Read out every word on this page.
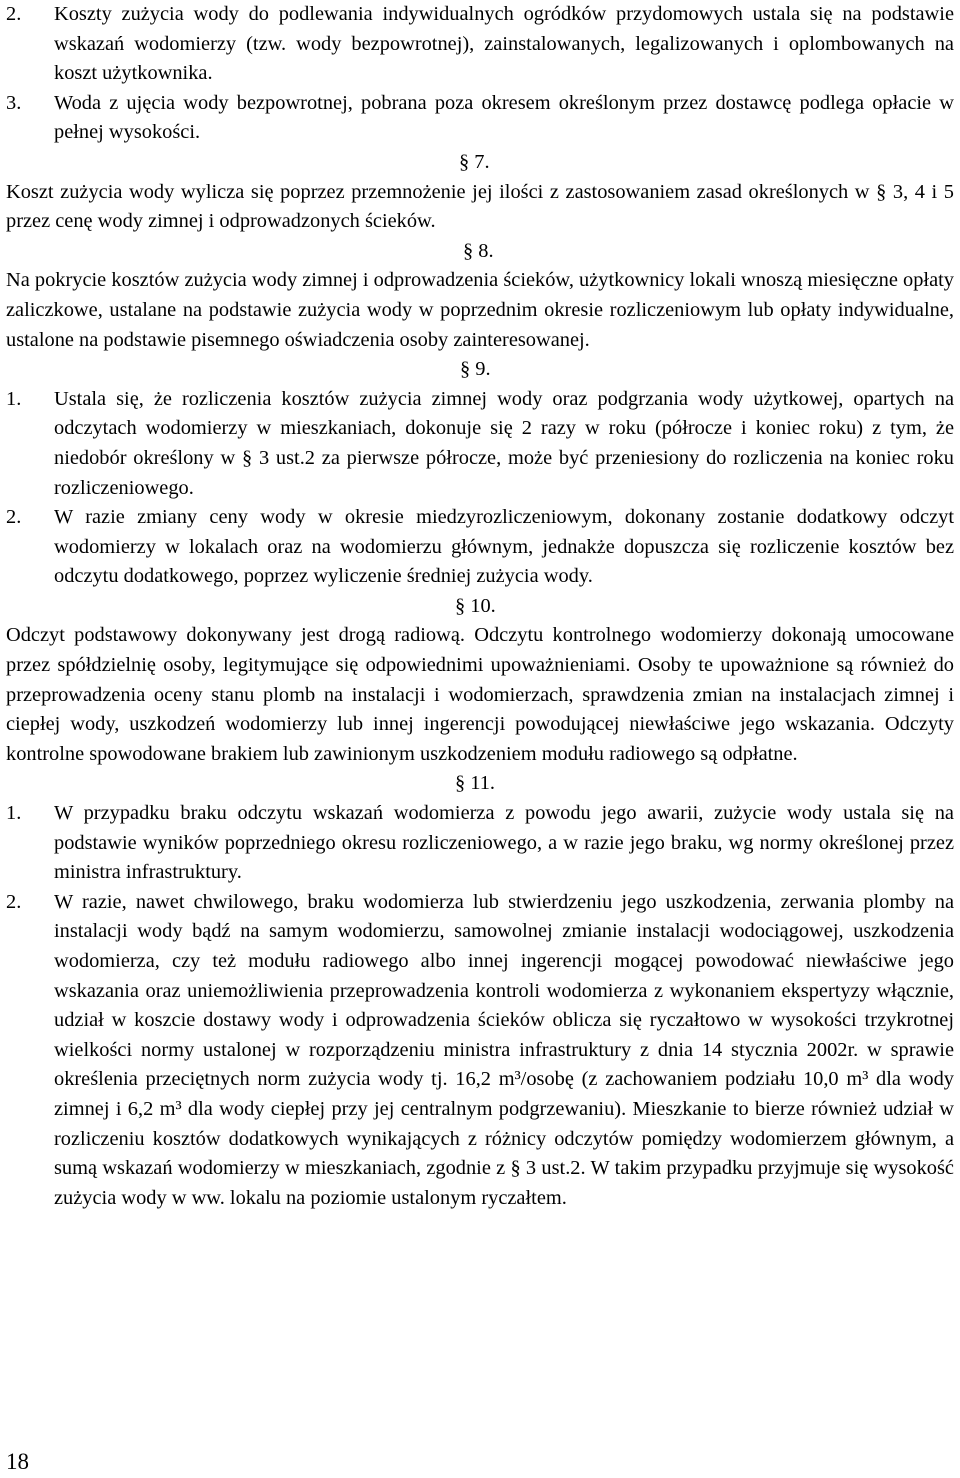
2.	Koszty zużycia wody do podlewania indywidualnych ogródków przydomowych ustala się na podstawie wskazań wodomierzy (tzw. wody bezpowrotnej), zainstalowanych, legalizowanych i oplombowanych na koszt użytkownika.
3.	Woda z ujęcia wody bezpowrotnej, pobrana poza okresem określonym przez dostawcę podlega opłacie w pełnej wysokości.

§ 7.

Koszt zużycia wody wylicza się poprzez przemnożenie jej ilości z zastosowaniem zasad określonych w § 3, 4 i 5 przez cenę wody zimnej i odprowadzonych ścieków.

§ 8.

Na pokrycie kosztów zużycia wody zimnej i odprowadzenia ścieków, użytkownicy lokali wnoszą miesięczne opłaty zaliczkowe, ustalane na podstawie zużycia wody w poprzednim okresie rozliczeniowym lub opłaty indywidualne, ustalone na podstawie pisemnego oświadczenia osoby zainteresowanej.

§ 9.

1.	Ustala się, że rozliczenia kosztów zużycia zimnej wody oraz podgrzania wody użytkowej, opartych na odczytach wodomierzy w mieszkaniach, dokonuje się 2 razy w roku (półrocze i koniec roku) z tym, że niedobór określony w § 3 ust.2 za pierwsze półrocze, może być przeniesiony do rozliczenia na koniec roku rozliczeniowego.
2.	W razie zmiany ceny wody w okresie miedzyrozliczeniowym, dokonany zostanie dodatkowy odczyt wodomierzy w lokalach oraz na wodomierzu głównym, jednakże dopuszcza się rozliczenie kosztów bez odczytu dodatkowego, poprzez wyliczenie średniej zużycia wody.

§ 10.

Odczyt podstawowy dokonywany jest drogą radiową. Odczytu kontrolnego wodomierzy dokonają umocowane przez spółdzielnię osoby, legitymujące się odpowiednimi upoważnieniami. Osoby te upoważnione są również do przeprowadzenia oceny stanu plomb na instalacji i wodomierzach, sprawdzenia zmian na instalacjach zimnej i ciepłej wody, uszkodzeń wodomierzy lub innej ingerencji powodującej niewłaściwe jego wskazania. Odczyty kontrolne spowodowane brakiem lub zawinionym uszkodzeniem modułu radiowego są odpłatne.

§ 11.

1.	W przypadku braku odczytu wskazań wodomierza z powodu jego awarii, zużycie wody ustala się na podstawie wyników poprzedniego okresu rozliczeniowego, a w razie jego braku, wg normy określonej przez ministra infrastruktury.
2.	W razie, nawet chwilowego, braku wodomierza lub stwierdzeniu jego uszkodzenia, zerwania plomby na instalacji wody bądź na samym wodomierzu, samowolnej zmianie instalacji wodociągowej, uszkodzenia wodomierza, czy też modułu radiowego albo innej ingerencji mogącej powodować niewłaściwe jego wskazania oraz uniemożliwienia przeprowadzenia kontroli wodomierza z wykonaniem ekspertyzy włącznie, udział w koszcie dostawy wody i odprowadzenia ścieków oblicza się ryczałtowo w wysokości trzykrotnej wielkości normy ustalonej w rozporządzeniu ministra infrastruktury z dnia 14 stycznia 2002r. w sprawie określenia przeciętnych norm zużycia wody tj. 16,2 m³/osobę (z zachowaniem podziału 10,0 m³ dla wody zimnej i 6,2 m³ dla wody ciepłej przy jej centralnym podgrzewaniu). Mieszkanie to bierze również udział w rozliczeniu kosztów dodatkowych wynikających z różnicy odczytów pomiędzy wodomierzem głównym, a sumą wskazań wodomierzy w mieszkaniach, zgodnie z § 3 ust.2. W takim przypadku przyjmuje się wysokość zużycia wody w ww. lokalu na poziomie ustalonym ryczałtem.
18
